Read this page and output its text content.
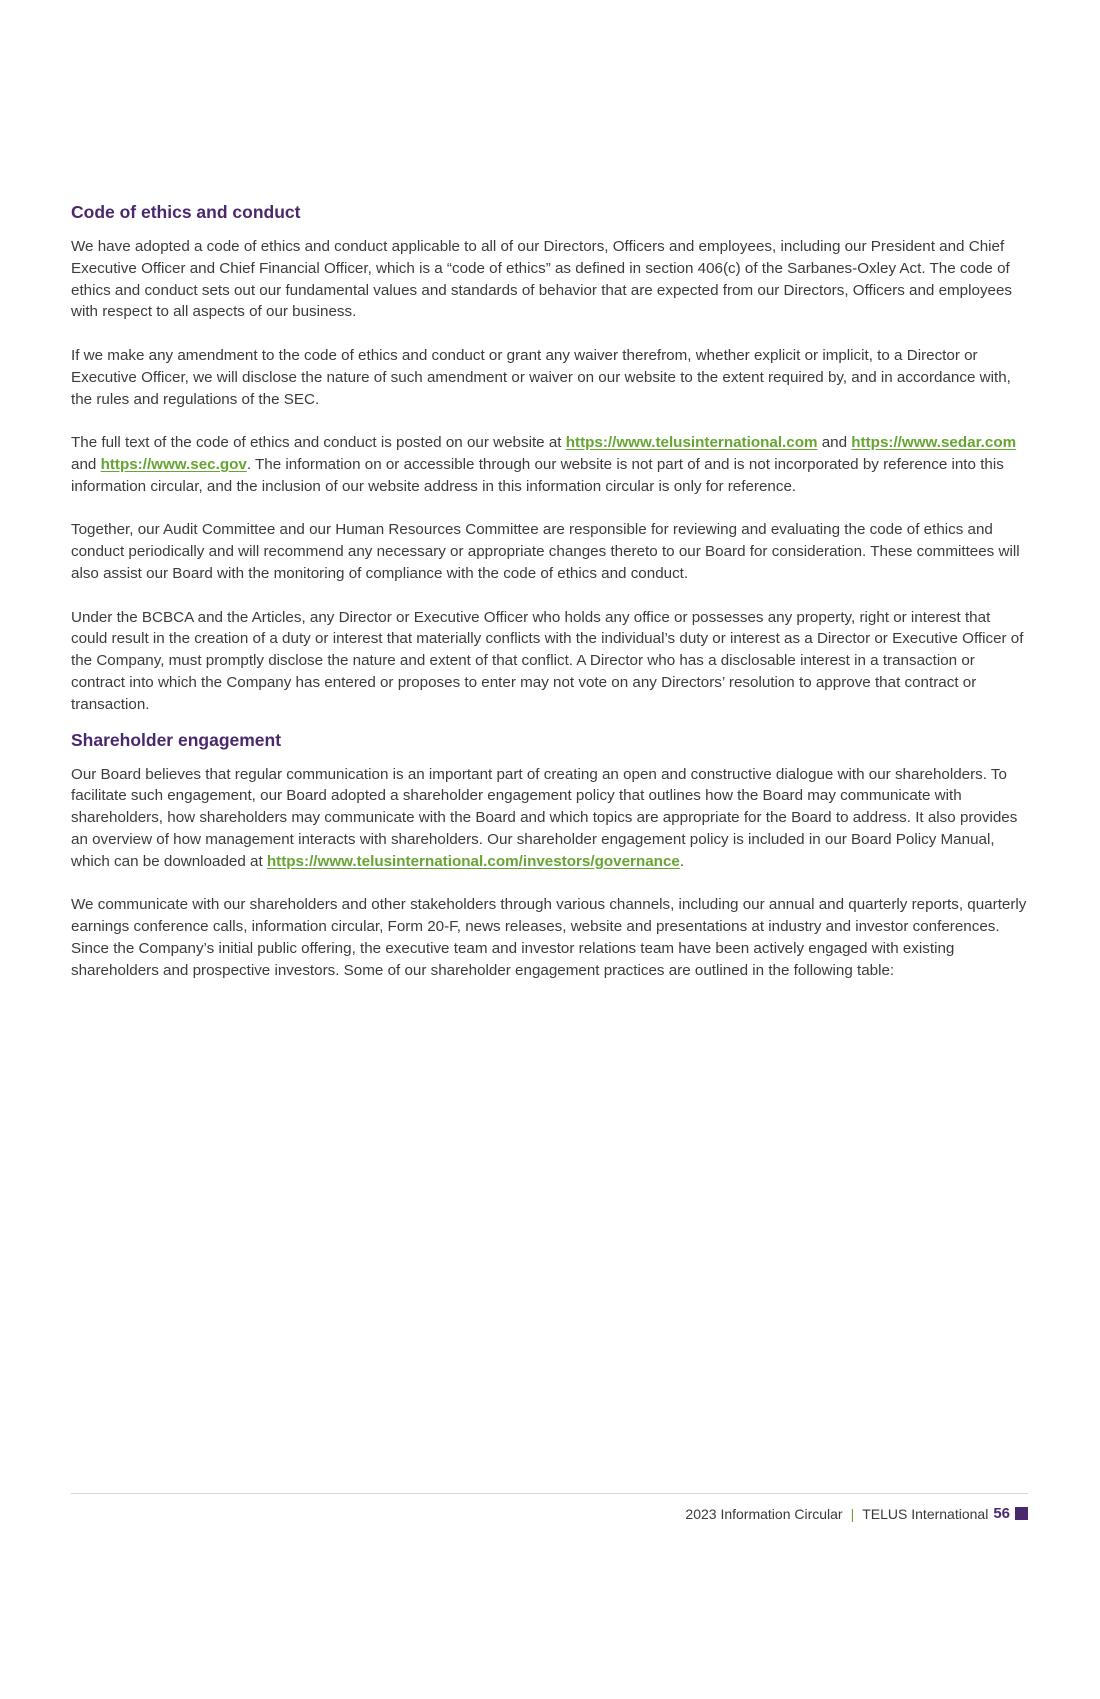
Code of ethics and conduct

We have adopted a code of ethics and conduct applicable to all of our Directors, Officers and employees, including our President and Chief Executive Officer and Chief Financial Officer, which is a “code of ethics” as defined in section 406(c) of the Sarbanes-Oxley Act. The code of ethics and conduct sets out our fundamental values and standards of behavior that are expected from our Directors, Officers and employees with respect to all aspects of our business.

If we make any amendment to the code of ethics and conduct or grant any waiver therefrom, whether explicit or implicit, to a Director or Executive Officer, we will disclose the nature of such amendment or waiver on our website to the extent required by, and in accordance with, the rules and regulations of the SEC.

The full text of the code of ethics and conduct is posted on our website at https://www.telusinternational.com and https://www.sedar.com and https://www.sec.gov. The information on or accessible through our website is not part of and is not incorporated by reference into this information circular, and the inclusion of our website address in this information circular is only for reference.

Together, our Audit Committee and our Human Resources Committee are responsible for reviewing and evaluating the code of ethics and conduct periodically and will recommend any necessary or appropriate changes thereto to our Board for consideration. These committees will also assist our Board with the monitoring of compliance with the code of ethics and conduct.

Under the BCBCA and the Articles, any Director or Executive Officer who holds any office or possesses any property, right or interest that could result in the creation of a duty or interest that materially conflicts with the individual’s duty or interest as a Director or Executive Officer of the Company, must promptly disclose the nature and extent of that conflict. A Director who has a disclosable interest in a transaction or contract into which the Company has entered or proposes to enter may not vote on any Directors’ resolution to approve that contract or transaction.

Shareholder engagement

Our Board believes that regular communication is an important part of creating an open and constructive dialogue with our shareholders. To facilitate such engagement, our Board adopted a shareholder engagement policy that outlines how the Board may communicate with shareholders, how shareholders may communicate with the Board and which topics are appropriate for the Board to address. It also provides an overview of how management interacts with shareholders. Our shareholder engagement policy is included in our Board Policy Manual, which can be downloaded at https://www.telusinternational.com/investors/governance.

We communicate with our shareholders and other stakeholders through various channels, including our annual and quarterly reports, quarterly earnings conference calls, information circular, Form 20-F, news releases, website and presentations at industry and investor conferences. Since the Company’s initial public offering, the executive team and investor relations team have been actively engaged with existing shareholders and prospective investors. Some of our shareholder engagement practices are outlined in the following table:

2023 Information Circular | TELUS International 56
